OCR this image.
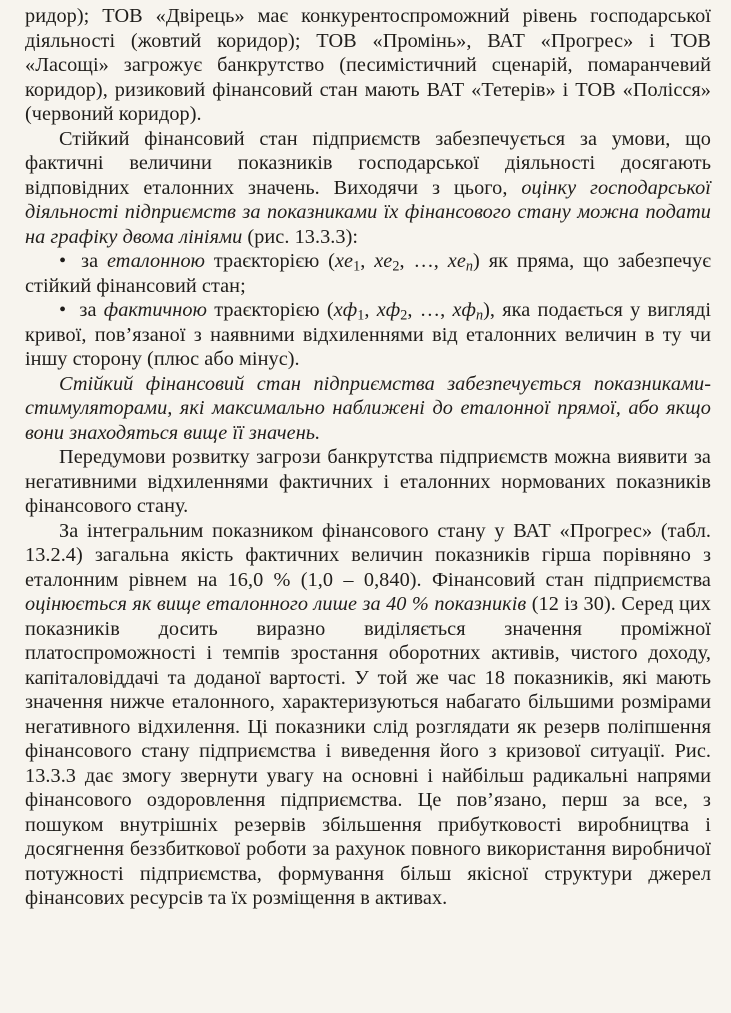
ридор); ТОВ «Двірець» має конкурентоспроможний рівень господарської діяльності (жовтий коридор); ТОВ «Промінь», ВАТ «Прогрес» і ТОВ «Ласощі» загрожує банкрутство (песимістичний сценарій, помаранчевий коридор), ризиковий фінансовий стан мають ВАТ «Тетерів» і ТОВ «Полісся» (червоний коридор).

Стійкий фінансовий стан підприємств забезпечується за умови, що фактичні величини показників господарської діяльності досягають відповідних еталонних значень. Виходячи з цього, оцінку господарської діяльності підприємств за показниками їх фінансового стану можна подати на графіку двома лініями (рис. 13.3.3):

• за еталонною траєкторією ($xe_1$, $xe_2$, …, $xe_n$) як пряма, що забезпечує стійкий фінансовий стан;

• за фактичною траєкторією ($xф_1$, $xф_2$, …, $xф_n$), яка подається у вигляді кривої, пов’язаної з наявними відхиленнями від еталонних величин в ту чи іншу сторону (плюс або мінус).

Стійкий фінансовий стан підприємства забезпечується показниками-стимуляторами, які максимально наближені до еталонної прямої, або якщо вони знаходяться вище її значень.

Передумови розвитку загрози банкрутства підприємств можна виявити за негативними відхиленнями фактичних і еталонних нормованих показників фінансового стану.

За інтегральним показником фінансового стану у ВАТ «Прогрес» (табл. 13.2.4) загальна якість фактичних величин показників гірша порівняно з еталонним рівнем на 16,0 % (1,0 – 0,840). Фінансовий стан підприємства оцінюється як вище еталонного лише за 40 % показників (12 із 30). Серед цих показників досить виразно виділяється значення проміжної платоспроможності і темпів зростання оборотних активів, чистого доходу, капіталовіддачі та доданої вартості. У той же час 18 показників, які мають значення нижче еталонного, характеризуються набагато більшими розмірами негативного відхилення. Ці показники слід розглядати як резерв поліпшення фінансового стану підприємства і виведення його з кризової ситуації. Рис. 13.3.3 дає змогу звернути увагу на основні і найбільш радикальні напрями фінансового оздоровлення підприємства. Це пов’язано, перш за все, з пошуком внутрішніх резервів збільшення прибутковості виробництва і досягнення беззбиткової роботи за рахунок повного використання виробничої потужності підприємства, формування більш якісної структури джерел фінансових ресурсів та їх розміщення в активах.
